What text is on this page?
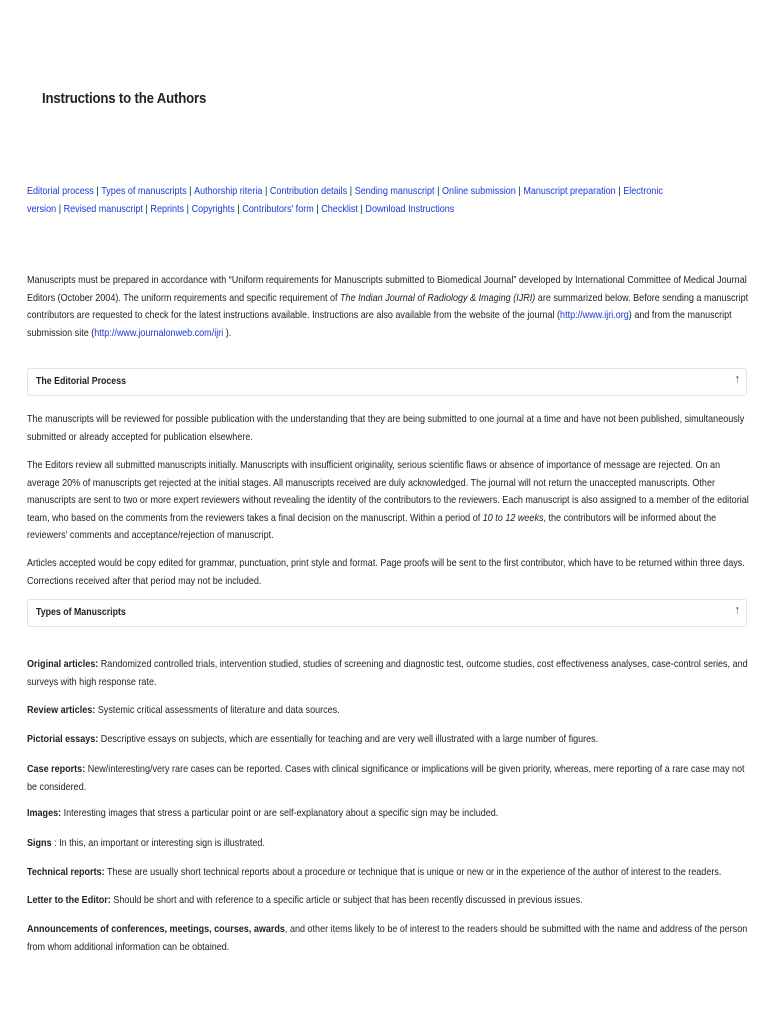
Instructions to the Authors
Editorial process | Types of manuscripts | Authorship riteria | Contribution details | Sending manuscript | Online submission | Manuscript preparation | Electronic version | Revised manuscript | Reprints | Copyrights | Contributors' form | Checklist | Download Instructions

Manuscripts must be prepared in accordance with “Uniform requirements for Manuscripts submitted to Biomedical Journal” developed by International Committee of Medical Journal Editors (October 2004). The uniform requirements and specific requirement of The Indian Journal of Radiology & Imaging (IJRI) are summarized below. Before sending a manuscript contributors are requested to check for the latest instructions available. Instructions are also available from the website of the journal (http://www.ijri.org) and from the manuscript submission site (http://www.journalonweb.com/ijri ).

The Editorial Process	↑

The manuscripts will be reviewed for possible publication with the understanding that they are being submitted to one journal at a time and have not been published, simultaneously submitted or already accepted for publication elsewhere.

The Editors review all submitted manuscripts initially. Manuscripts with insufficient originality, serious scientific flaws or absence of importance of message are rejected. On an average 20% of manuscripts get rejected at the initial stages. All manuscripts received are duly acknowledged. The journal will not return the unaccepted manuscripts. Other manuscripts are sent to two or more expert reviewers without revealing the identity of the contributors to the reviewers. Each manuscript is also assigned to a member of the editorial team, who based on the comments from the reviewers takes a final decision on the manuscript. Within a period of 10 to 12 weeks, the contributors will be informed about the reviewers' comments and acceptance/rejection of manuscript.

Articles accepted would be copy edited for grammar, punctuation, print style and format. Page proofs will be sent to the first contributor, which have to be returned within three days. Corrections received after that period may not be included.

Types of Manuscripts	↑

Original articles: Randomized controlled trials, intervention studied, studies of screening and diagnostic test, outcome studies, cost effectiveness analyses, case-control series, and surveys with high response rate.

Review articles: Systemic critical assessments of literature and data sources.

Pictorial essays: Descriptive essays on subjects, which are essentially for teaching and are very well illustrated with a large number of figures.

Case reports: New/interesting/very rare cases can be reported. Cases with clinical significance or implications will be given priority, whereas, mere reporting of a rare case may not be considered.

Images: Interesting images that stress a particular point or are self-explanatory about a specific sign may be included.

Signs : In this, an important or interesting sign is illustrated.

Technical reports: These are usually short technical reports about a procedure or technique that is unique or new or in the experience of the author of interest to the readers.

Letter to the Editor: Should be short and with reference to a specific article or subject that has been recently discussed in previous issues.

Announcements of conferences, meetings, courses, awards, and other items likely to be of interest to the readers should be submitted with the name and address of the person from whom additional information can be obtained.
